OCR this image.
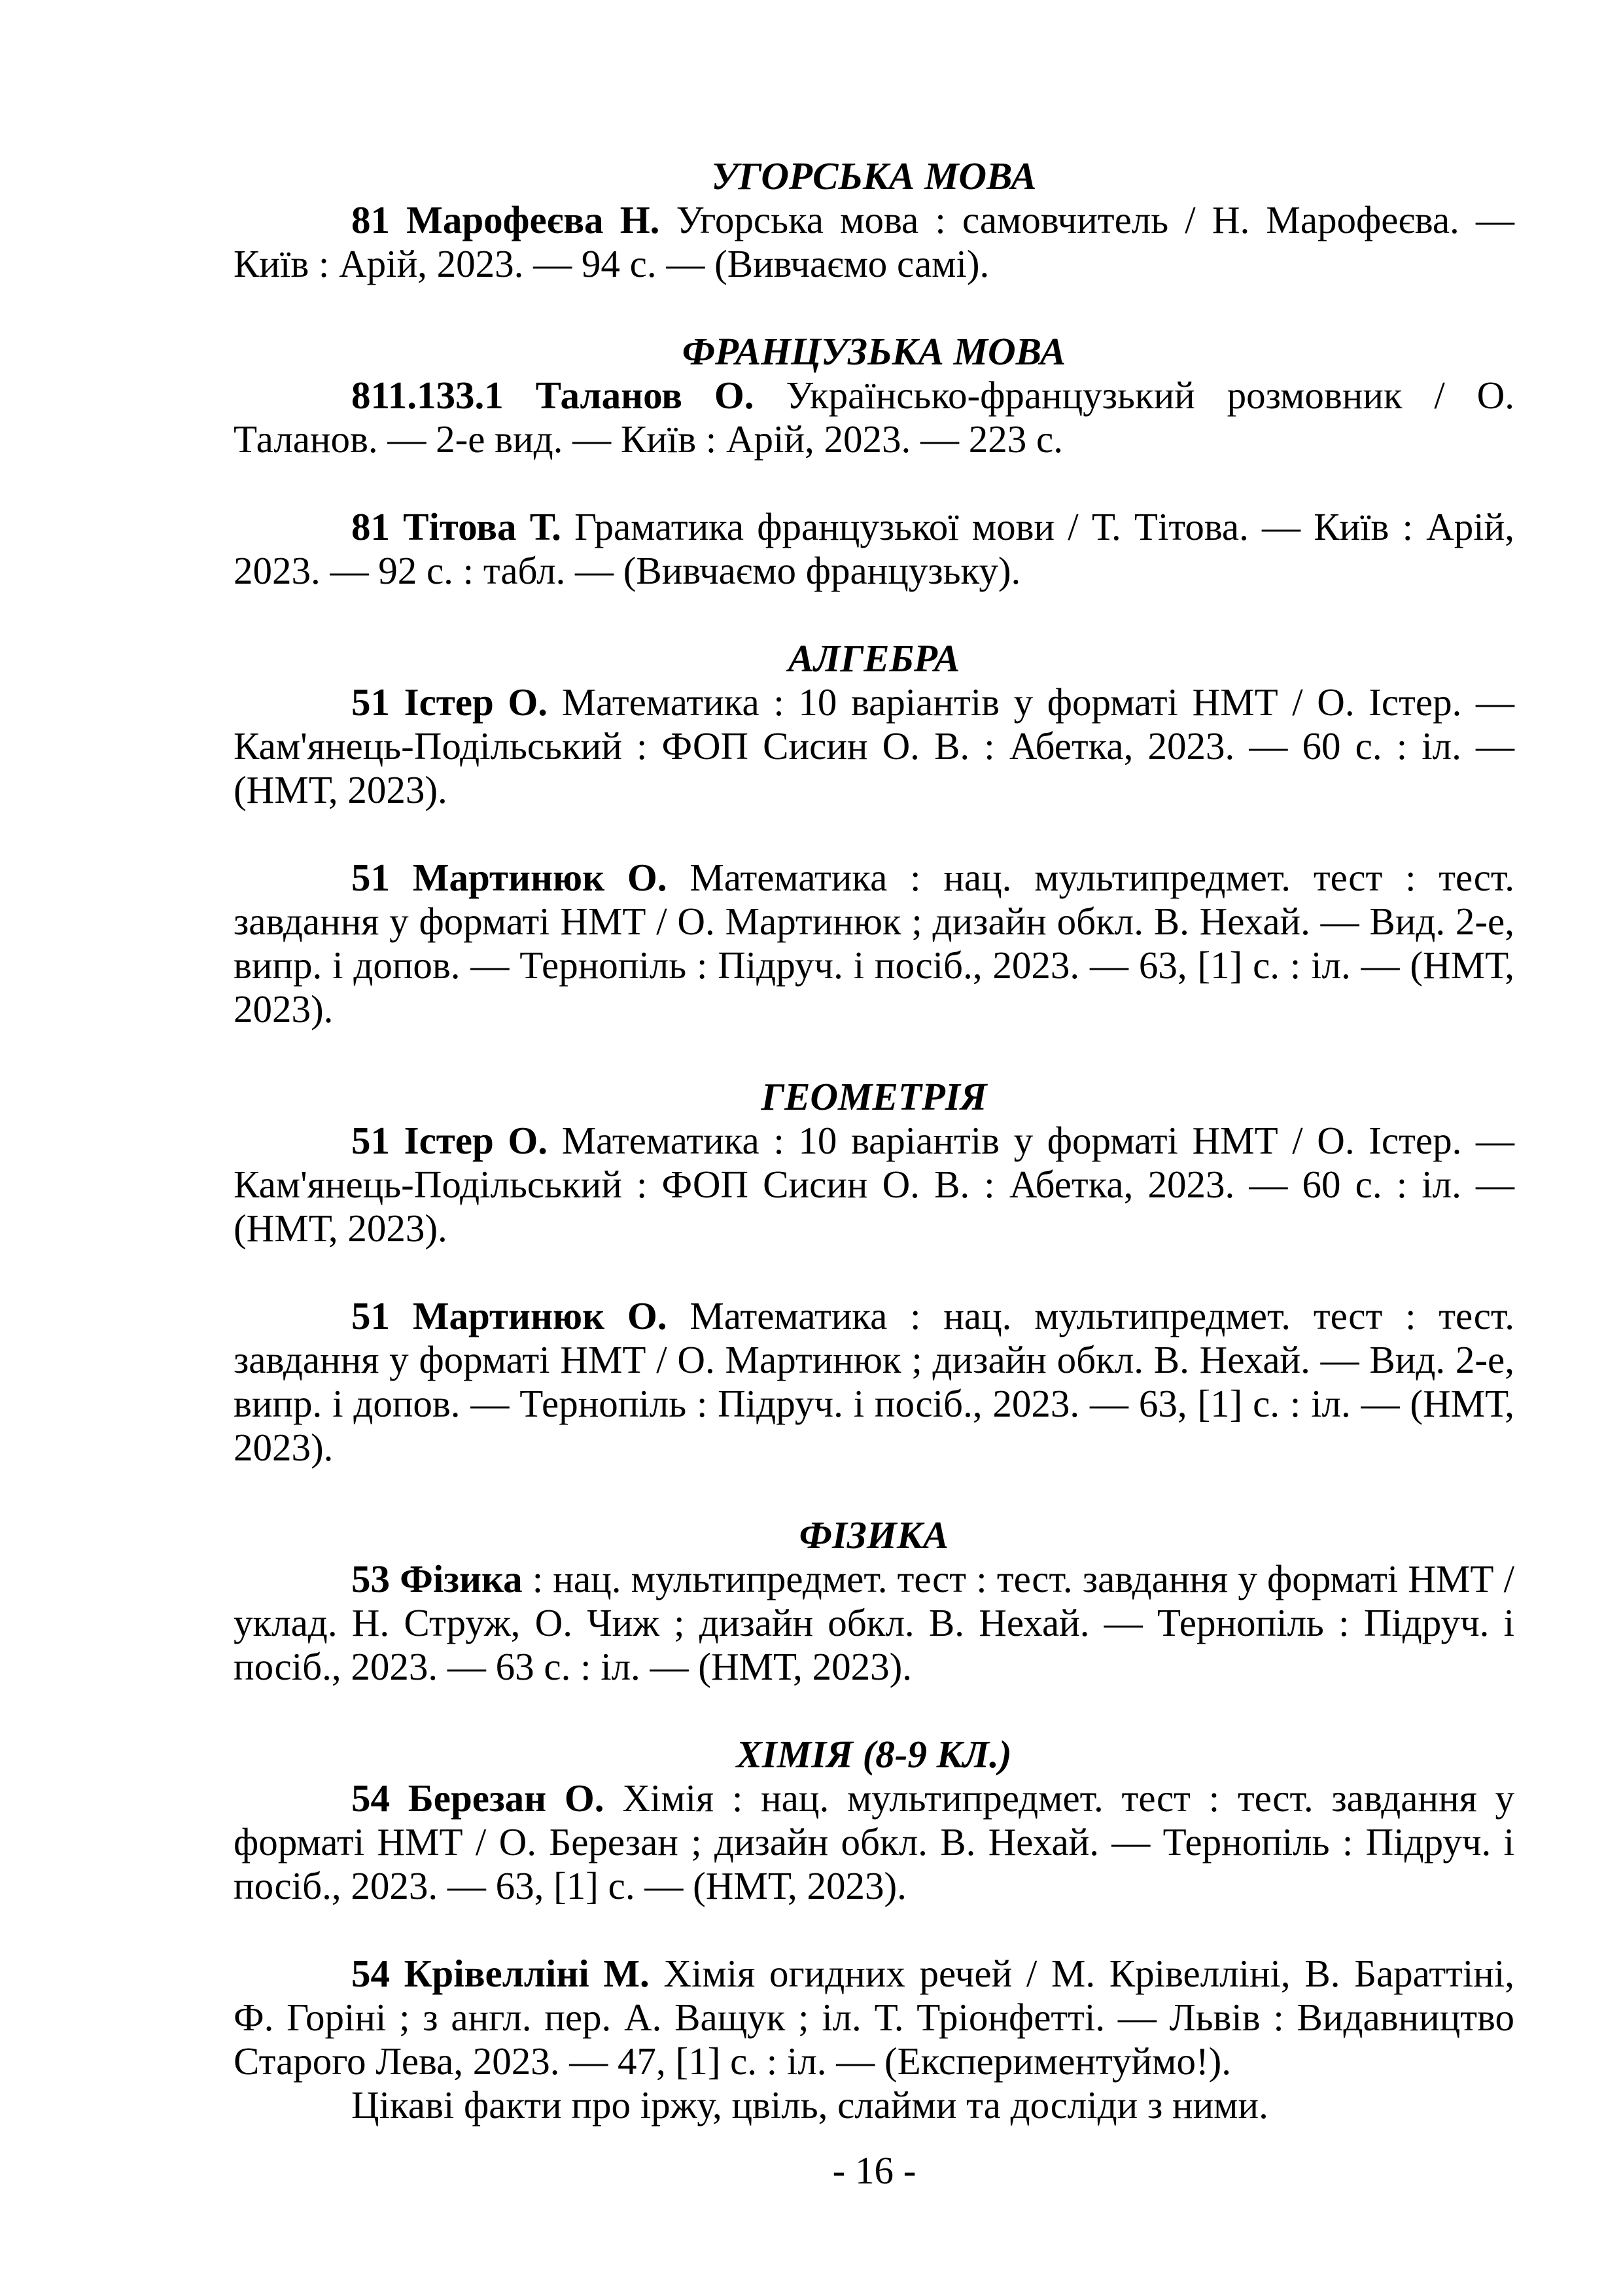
УГОРСЬКА МОВА

81 Марофеєва Н. Угорська мова : самовчитель / Н. Марофеєва. — Київ : Арій, 2023. — 94 с. — (Вивчаємо самі).

ФРАНЦУЗЬКА МОВА

811.133.1 Таланов О. Українсько-французький розмовник / О. Таланов. — 2-е вид. — Київ : Арій, 2023. — 223 с.

81 Тітова Т. Граматика французької мови / Т. Тітова. — Київ : Арій, 2023. — 92 с. : табл. — (Вивчаємо французьку).

АЛГЕБРА

51 Істер О. Математика : 10 варіантів у форматі НМТ / О. Істер. — Кам'янець-Подільський : ФОП Сисин О. В. : Абетка, 2023. — 60 с. : іл. — (НМТ, 2023).

51 Мартинюк О. Математика : нац. мультипредмет. тест : тест. завдання у форматі НМТ / О. Мартинюк ; дизайн обкл. В. Нехай. — Вид. 2-е, випр. і допов. — Тернопіль : Підруч. і посіб., 2023. — 63, [1] с. : іл. — (НМТ, 2023).

ГЕОМЕТРІЯ

51 Істер О. Математика : 10 варіантів у форматі НМТ / О. Істер. — Кам'янець-Подільський : ФОП Сисин О. В. : Абетка, 2023. — 60 с. : іл. — (НМТ, 2023).

51 Мартинюк О. Математика : нац. мультипредмет. тест : тест. завдання у форматі НМТ / О. Мартинюк ; дизайн обкл. В. Нехай. — Вид. 2-е, випр. і допов. — Тернопіль : Підруч. і посіб., 2023. — 63, [1] с. : іл. — (НМТ, 2023).

ФІЗИКА

53 Фізика : нац. мультипредмет. тест : тест. завдання у форматі НМТ / уклад. Н. Струж, О. Чиж ; дизайн обкл. В. Нехай. — Тернопіль : Підруч. і посіб., 2023. — 63 с. : іл. — (НМТ, 2023).

ХІМІЯ (8-9 КЛ.)

54 Березан О. Хімія : нац. мультипредмет. тест : тест. завдання у форматі НМТ / О. Березан ; дизайн обкл. В. Нехай. — Тернопіль : Підруч. і посіб., 2023. — 63, [1] с. — (НМТ, 2023).

54 Крівелліні М. Хімія огидних речей / М. Крівелліні, В. Бараттіні, Ф. Горіні ; з англ. пер. А. Ващук ; іл. Т. Тріонфетті. — Львів : Видавництво Старого Лева, 2023. — 47, [1] с. : іл. — (Експериментуймо!).

Цікаві факти про іржу, цвіль, слайми та досліди з ними.

- 16 -
